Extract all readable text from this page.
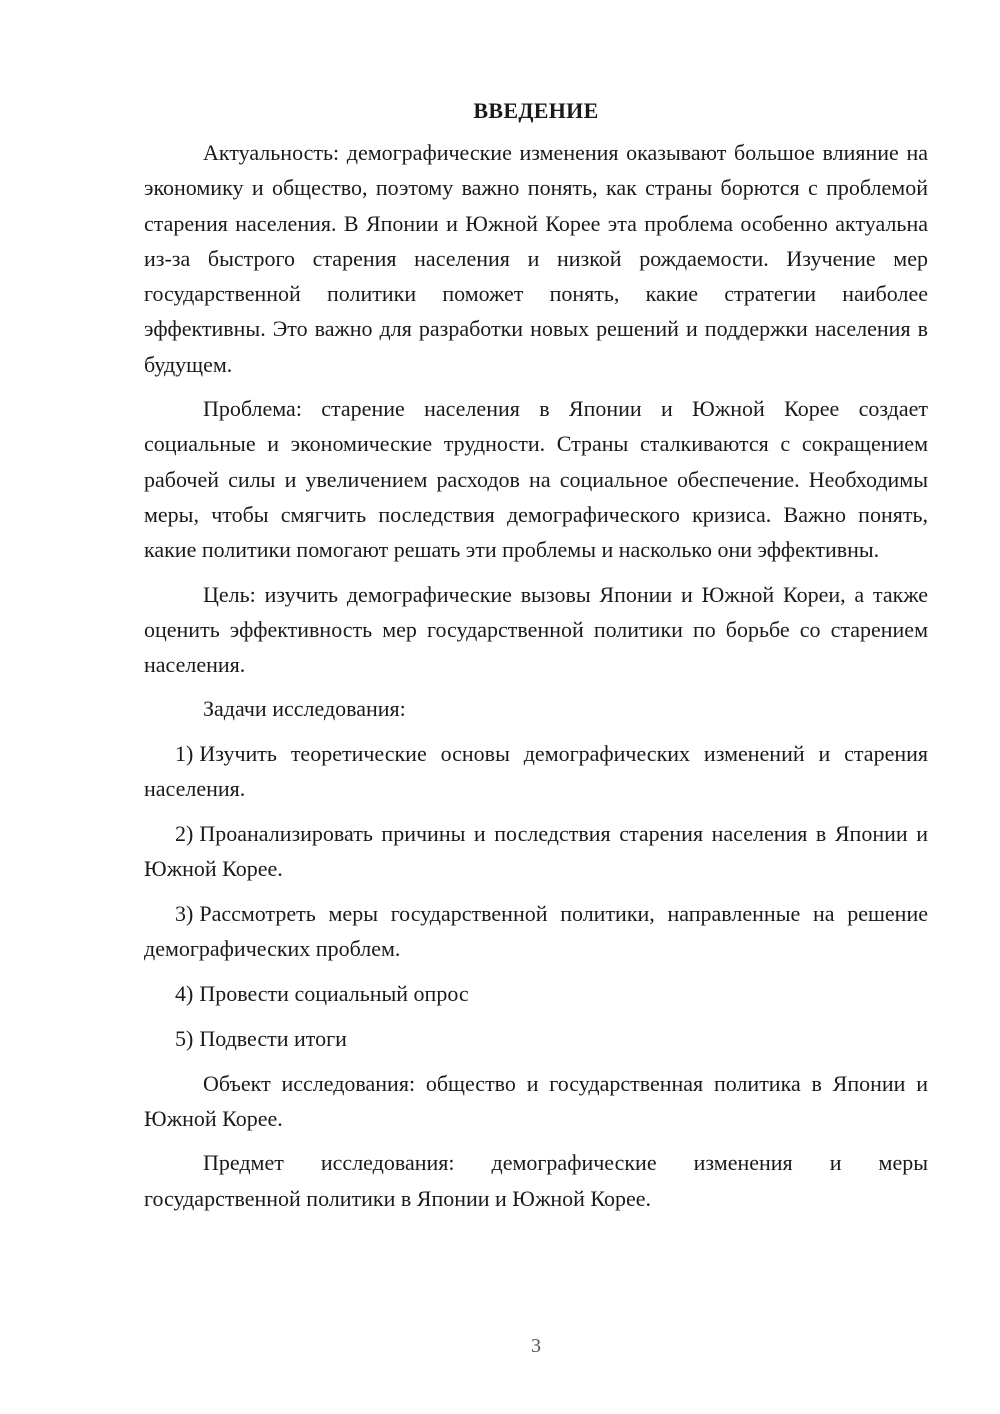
ВВЕДЕНИЕ

Актуальность: демографические изменения оказывают большое влияние на экономику и общество, поэтому важно понять, как страны борются с проблемой старения населения. В Японии и Южной Корее эта проблема особенно актуальна из-за быстрого старения населения и низкой рождаемости. Изучение мер государственной политики поможет понять, какие стратегии наиболее эффективны. Это важно для разработки новых решений и поддержки населения в будущем.

Проблема: старение населения в Японии и Южной Корее создает социальные и экономические трудности. Страны сталкиваются с сокращением рабочей силы и увеличением расходов на социальное обеспечение. Необходимы меры, чтобы смягчить последствия демографического кризиса. Важно понять, какие политики помогают решать эти проблемы и насколько они эффективны.

Цель: изучить демографические вызовы Японии и Южной Кореи, а также оценить эффективность мер государственной политики по борьбе со старением населения.

Задачи исследования:

1) Изучить теоретические основы демографических изменений и старения населения.

2) Проанализировать причины и последствия старения населения в Японии и Южной Корее.

3) Рассмотреть меры государственной политики, направленные на решение демографических проблем.

4) Провести социальный опрос

5) Подвести итоги

Объект исследования: общество и государственная политика в Японии и Южной Корее.

Предмет исследования: демографические изменения и меры государственной политики в Японии и Южной Корее.

3
